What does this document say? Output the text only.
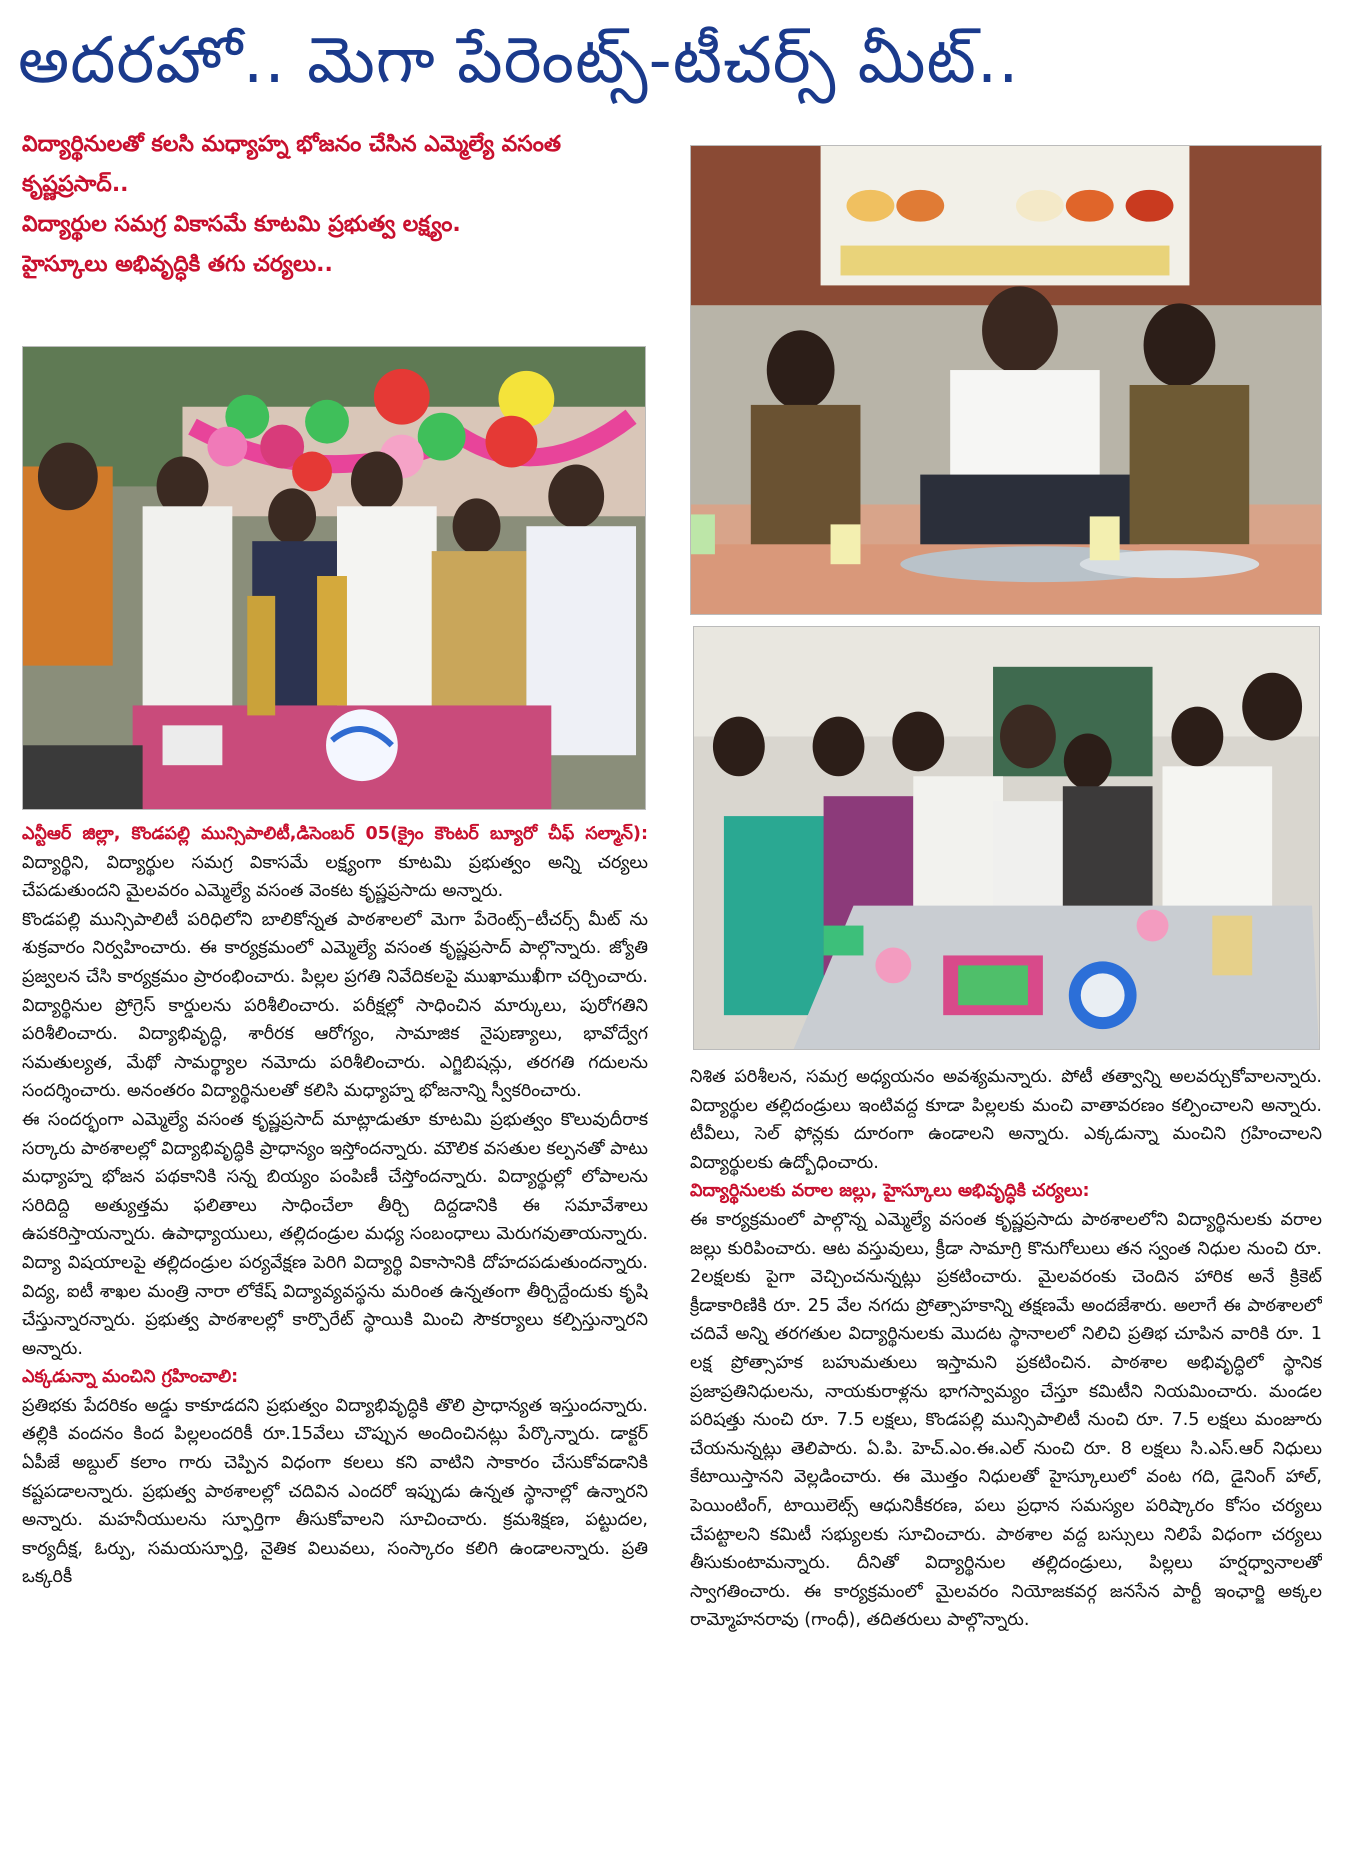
అదరహో.. మెగా పేరెంట్స్-టీచర్స్ మీట్..
విద్యార్థినులతో కలసి మధ్యాహ్న భోజనం చేసిన ఎమ్మెల్యే వసంత
కృష్ణప్రసాద్..
విద్యార్థుల సమగ్ర వికాసమే కూటమి ప్రభుత్వ లక్ష్యం.
హైస్కూలు అభివృద్ధికి తగు చర్యలు..

ఎన్టీఆర్ జిల్లా, కొండపల్లి మున్సిపాలిటీ,డిసెంబర్ 05(క్రైం కౌంటర్ బ్యూరో చీఫ్ సల్మాన్): విద్యార్థిని, విద్యార్థుల సమగ్ర వికాసమే లక్ష్యంగా కూటమి ప్రభుత్వం అన్ని చర్యలు చేపడుతుందని మైలవరం ఎమ్మెల్యే వసంత వెంకట కృష్ణప్రసాదు అన్నారు.

కొండపల్లి మున్సిపాలిటీ పరిధిలోని బాలికోన్నత పాఠశాలలో మెగా పేరెంట్స్–టీచర్స్ మీట్ ను శుక్రవారం నిర్వహించారు. ఈ కార్యక్రమంలో ఎమ్మెల్యే వసంత కృష్ణప్రసాద్ పాల్గొన్నారు. జ్యోతి ప్రజ్వలన చేసి కార్యక్రమం ప్రారంభించారు. పిల్లల ప్రగతి నివేదికలపై ముఖాముఖీగా చర్చించారు. విద్యార్థినుల ప్రోగ్రెస్ కార్డులను పరిశీలించారు. పరీక్షల్లో సాధించిన మార్కులు, పురోగతిని పరిశీలించారు. విద్యాభివృద్ధి, శారీరక ఆరోగ్యం, సామాజిక నైపుణ్యాలు, భావోద్వేగ సమతుల్యత, మేథో సామర్థ్యాల నమోదు పరిశీలించారు. ఎగ్జిబిషన్లు, తరగతి గదులను సందర్శించారు. అనంతరం విద్యార్థినులతో కలిసి మధ్యాహ్న భోజనాన్ని స్వీకరించారు.

ఈ సందర్భంగా ఎమ్మెల్యే వసంత కృష్ణప్రసాద్ మాట్లాడుతూ కూటమి ప్రభుత్వం కొలువుదీరాక సర్కారు పాఠశాలల్లో విద్యాభివృద్ధికి ప్రాధాన్యం ఇస్తోందన్నారు. మౌలిక వసతుల కల్పనతో పాటు మధ్యాహ్న భోజన పథకానికి సన్న బియ్యం పంపిణీ చేస్తోందన్నారు. విద్యార్థుల్లో లోపాలను సరిదిద్ది అత్యుత్తమ ఫలితాలు సాధించేలా తీర్చి దిద్దడానికి ఈ సమావేశాలు ఉపకరిస్తాయన్నారు. ఉపాధ్యాయులు, తల్లిదండ్రుల మధ్య సంబంధాలు మెరుగవుతాయన్నారు. విద్యా విషయాలపై తల్లిదండ్రుల పర్యవేక్షణ పెరిగి విద్యార్థి వికాసానికి దోహదపడుతుందన్నారు. విద్య, ఐటీ శాఖల మంత్రి నారా లోకేష్ విద్యావ్యవస్థను మరింత ఉన్నతంగా తీర్చిద్దేందుకు కృషి చేస్తున్నారన్నారు. ప్రభుత్వ పాఠశాలల్లో కార్పొరేట్ స్థాయికి మించి సౌకర్యాలు కల్పిస్తున్నారని అన్నారు.

ఎక్కడున్నా మంచిని గ్రహించాలి:

ప్రతిభకు పేదరికం అడ్డు కాకూడదని ప్రభుత్వం విద్యాభివృద్ధికి తొలి ప్రాధాన్యత ఇస్తుందన్నారు. తల్లికి వందనం కింద పిల్లలందరికీ రూ.15వేలు చొప్పున అందించినట్లు పేర్కొన్నారు. డాక్టర్ ఏపీజే అబ్దుల్ కలాం గారు చెప్పిన విధంగా కలలు కని వాటిని సాకారం చేసుకోవడానికి కష్టపడాలన్నారు. ప్రభుత్వ పాఠశాలల్లో చదివిన ఎందరో ఇప్పుడు ఉన్నత స్థానాల్లో ఉన్నారని అన్నారు. మహనీయులను స్ఫూర్తిగా తీసుకోవాలని సూచించారు. క్రమశిక్షణ, పట్టుదల, కార్యదీక్ష, ఓర్పు, సమయస్ఫూర్తి, నైతిక విలువలు, సంస్కారం కలిగి ఉండాలన్నారు. ప్రతి ఒక్కరికీ

నిశిత పరిశీలన, సమగ్ర అధ్యయనం అవశ్యమన్నారు. పోటీ తత్వాన్ని అలవర్చుకోవాలన్నారు. విద్యార్థుల తల్లిదండ్రులు ఇంటివద్ద కూడా పిల్లలకు మంచి వాతావరణం కల్పించాలని అన్నారు. టీవీలు, సెల్ ఫోన్లకు దూరంగా ఉండాలని అన్నారు. ఎక్కడున్నా మంచిని గ్రహించాలని విద్యార్థులకు ఉద్బోధించారు.

విద్యార్థినులకు వరాల జల్లు, హైస్కూలు అభివృద్ధికి చర్యలు:

ఈ కార్యక్రమంలో పాల్గొన్న ఎమ్మెల్యే వసంత కృష్ణప్రసాదు పాఠశాలలోని విద్యార్థినులకు వరాల జల్లు కురిపించారు. ఆట వస్తువులు, క్రీడా సామాగ్రి కొనుగోలులు తన స్వంత నిధుల నుంచి రూ. 2లక్షలకు పైగా వెచ్చించనున్నట్లు ప్రకటించారు. మైలవరంకు చెందిన హారిక అనే క్రికెట్ క్రీడాకారిణికి రూ. 25 వేల నగదు ప్రోత్సాహకాన్ని తక్షణమే అందజేశారు. అలాగే ఈ పాఠశాలలో చదివే అన్ని తరగతుల విద్యార్థినులకు మొదట స్థానాలలో నిలిచి ప్రతిభ చూపిన వారికి రూ. 1 లక్ష ప్రోత్సాహక బహుమతులు ఇస్తామని ప్రకటించిన. పాఠశాల అభివృద్ధిలో స్థానిక ప్రజాప్రతినిధులను, నాయకురాళ్లను భాగస్వామ్యం చేస్తూ కమిటీని నియమించారు. మండల పరిషత్తు నుంచి రూ. 7.5 లక్షలు, కొండపల్లి మున్సిపాలిటీ నుంచి రూ. 7.5 లక్షలు మంజూరు చేయనున్నట్లు తెలిపారు. ఏ.పి. హెచ్.ఎం.ఈ.ఎల్ నుంచి రూ. 8 లక్షలు సి.ఎస్.ఆర్ నిధులు కేటాయిస్తానని వెల్లడించారు. ఈ మొత్తం నిధులతో హైస్కూలులో వంట గది, డైనింగ్ హాల్, పెయింటింగ్, టాయిలెట్స్ ఆధునికీకరణ, పలు ప్రధాన సమస్యల పరిష్కారం కోసం చర్యలు చేపట్టాలని కమిటీ సభ్యులకు సూచించారు. పాఠశాల వద్ద బస్సులు నిలిపే విధంగా చర్యలు తీసుకుంటామన్నారు. దీనితో విద్యార్థినుల తల్లిదండ్రులు, పిల్లలు హర్షధ్వానాలతో స్వాగతించారు. ఈ కార్యక్రమంలో మైలవరం నియోజకవర్గ జనసేన పార్టీ ఇంఛార్జి అక్కల రామ్మోహనరావు (గాంధీ), తదితరులు పాల్గొన్నారు.
